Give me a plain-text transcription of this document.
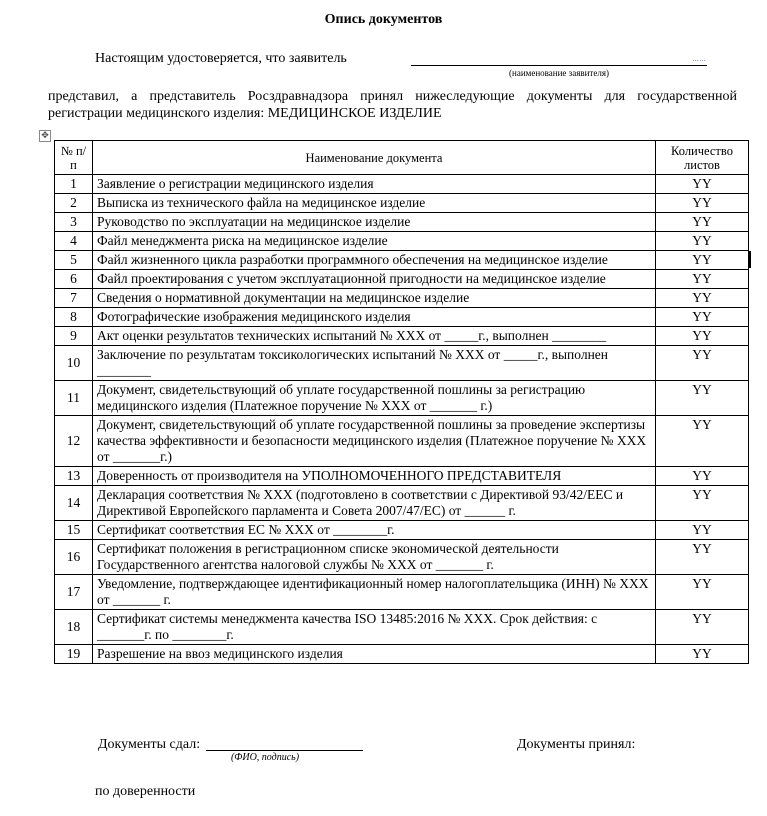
Опись документов
Настоящим удостоверяется, что заявитель	……
(наименование заявителя)
представил, а представитель Росздравнадзора принял нижеследующие документы для государственной регистрации медицинского изделия: МЕДИЦИНСКОЕ ИЗДЕЛИЕ
✥
№ п/п	Наименование документа	Количество листов
1	Заявление о регистрации медицинского изделия	YY
2	Выписка из технического файла на медицинское изделие	YY
3	Руководство по эксплуатации на медицинское изделие	YY
4	Файл менеджмента риска на медицинское изделие	YY
5	Файл жизненного цикла разработки программного обеспечения на медицинское изделие	YY
6	Файл проектирования с учетом эксплуатационной пригодности на медицинское изделие	YY
7	Сведения о нормативной документации на медицинское изделие	YY
8	Фотографические изображения медицинского изделия	YY
9	Акт оценки результатов технических испытаний № XXX от _____г., выполнен ________	YY
10	Заключение по результатам токсикологических испытаний № XXX от _____г., выполнен ________	YY
11	Документ, свидетельствующий об уплате государственной пошлины за регистрацию медицинского изделия (Платежное поручение № XXX от _______ г.)	YY
12	Документ, свидетельствующий об уплате государственной пошлины за проведение экспертизы качества эффективности и безопасности медицинского изделия (Платежное поручение № XXX от _______г.)	YY
13	Доверенность от производителя на УПОЛНОМОЧЕННОГО ПРЕДСТАВИТЕЛЯ	YY
14	Декларация соответствия № XXX (подготовлено в соответствии с Директивой 93/42/EEC и Директивой Европейского парламента и Совета 2007/47/ЕС) от ______ г.	YY
15	Сертификат соответствия ЕС № XXX от ________г.	YY
16	Сертификат положения в регистрационном списке экономической деятельности Государственного агентства налоговой службы № XXX от _______ г.	YY
17	Уведомление, подтверждающее идентификационный номер налогоплательщика (ИНН) № XXX от _______ г.	YY
18	Сертификат системы менеджмента качества ISO 13485:2016 № XXX. Срок действия: с _______г. по ________г.	YY
19	Разрешение на ввоз медицинского изделия	YY
Документы сдал:
(ФИО, подпись)
Документы принял:
по доверенности
